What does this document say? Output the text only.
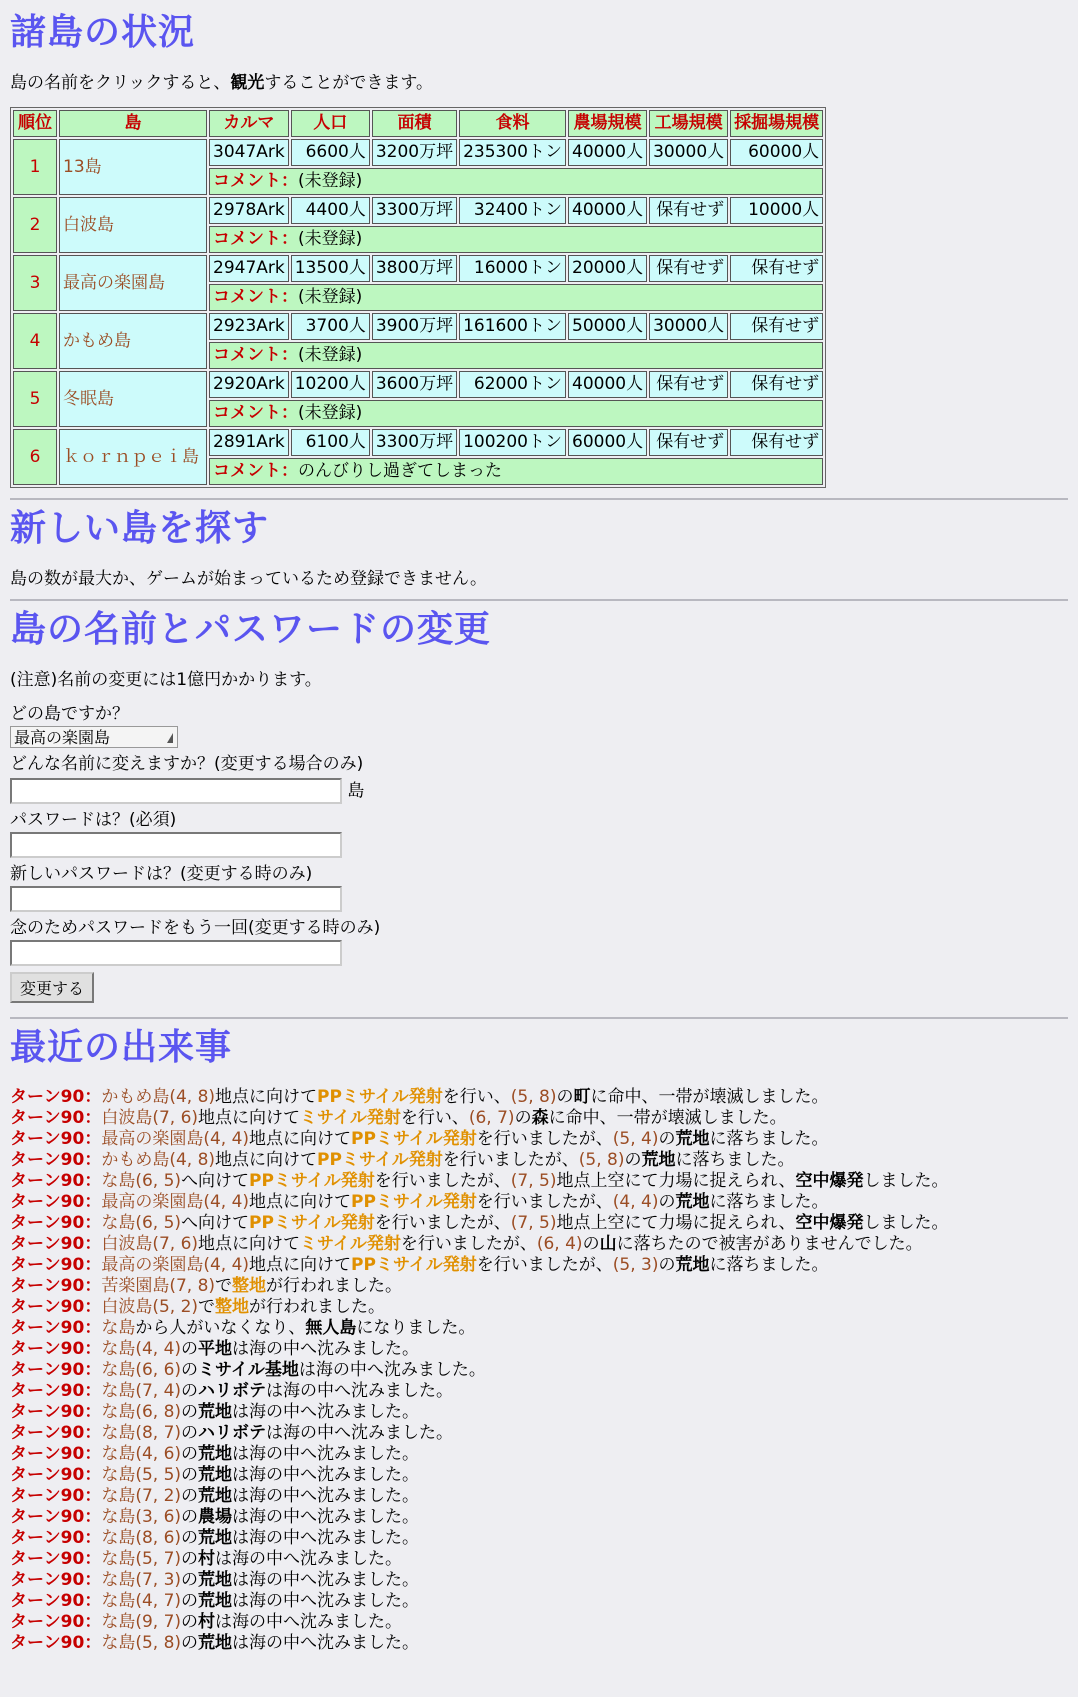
諸島の状況

島の名前をクリックすると、観光することができます。

順位	島	カルマ	人口	面積	食料	農場規模	工場規模	採掘場規模
1	13島	3047Ark	6600人	3200万坪	235300トン	40000人	30000人	60000人
		コメント：(未登録)						
2	白波島	2978Ark	4400人	3300万坪	32400トン	40000人	保有せず	10000人
		コメント：(未登録)						
3	最高の楽園島	2947Ark	13500人	3800万坪	16000トン	20000人	保有せず	保有せず
		コメント：(未登録)						
4	かもめ島	2923Ark	3700人	3900万坪	161600トン	50000人	30000人	保有せず
		コメント：(未登録)						
5	冬眠島	2920Ark	10200人	3600万坪	62000トン	40000人	保有せず	保有せず
		コメント：(未登録)						
6	ｋｏｒｎｐｅｉ島	2891Ark	6100人	3300万坪	100200トン	60000人	保有せず	保有せず
		コメント：のんびりし過ぎてしまった						
新しい島を探す

島の数が最大か、ゲームが始まっているため登録できません。

島の名前とパスワードの変更

(注意)名前の変更には1億円かかります。

どの島ですか？
最高の楽園島
どんな名前に変えますか？(変更する場合のみ)
島
パスワードは？(必須)
新しいパスワードは？(変更する時のみ)
念のためパスワードをもう一回(変更する時のみ)
変更する
最近の出来事
ターン90：かもめ島(4, 8)地点に向けてPPミサイル発射を行い、(5, 8)の町に命中、一帯が壊滅しました。
ターン90：白波島(7, 6)地点に向けてミサイル発射を行い、(6, 7)の森に命中、一帯が壊滅しました。
ターン90：最高の楽園島(4, 4)地点に向けてPPミサイル発射を行いましたが、(5, 4)の荒地に落ちました。
ターン90：かもめ島(4, 8)地点に向けてPPミサイル発射を行いましたが、(5, 8)の荒地に落ちました。
ターン90：な島(6, 5)へ向けてPPミサイル発射を行いましたが、(7, 5)地点上空にて力場に捉えられ、空中爆発しました。
ターン90：最高の楽園島(4, 4)地点に向けてPPミサイル発射を行いましたが、(4, 4)の荒地に落ちました。
ターン90：な島(6, 5)へ向けてPPミサイル発射を行いましたが、(7, 5)地点上空にて力場に捉えられ、空中爆発しました。
ターン90：白波島(7, 6)地点に向けてミサイル発射を行いましたが、(6, 4)の山に落ちたので被害がありませんでした。
ターン90：最高の楽園島(4, 4)地点に向けてPPミサイル発射を行いましたが、(5, 3)の荒地に落ちました。
ターン90：苦楽園島(7, 8)で整地が行われました。
ターン90：白波島(5, 2)で整地が行われました。
ターン90：な島から人がいなくなり、無人島になりました。
ターン90：な島(4, 4)の平地は海の中へ沈みました。
ターン90：な島(6, 6)のミサイル基地は海の中へ沈みました。
ターン90：な島(7, 4)のハリボテは海の中へ沈みました。
ターン90：な島(6, 8)の荒地は海の中へ沈みました。
ターン90：な島(8, 7)のハリボテは海の中へ沈みました。
ターン90：な島(4, 6)の荒地は海の中へ沈みました。
ターン90：な島(5, 5)の荒地は海の中へ沈みました。
ターン90：な島(7, 2)の荒地は海の中へ沈みました。
ターン90：な島(3, 6)の農場は海の中へ沈みました。
ターン90：な島(8, 6)の荒地は海の中へ沈みました。
ターン90：な島(5, 7)の村は海の中へ沈みました。
ターン90：な島(7, 3)の荒地は海の中へ沈みました。
ターン90：な島(4, 7)の荒地は海の中へ沈みました。
ターン90：な島(9, 7)の村は海の中へ沈みました。
ターン90：な島(5, 8)の荒地は海の中へ沈みました。
